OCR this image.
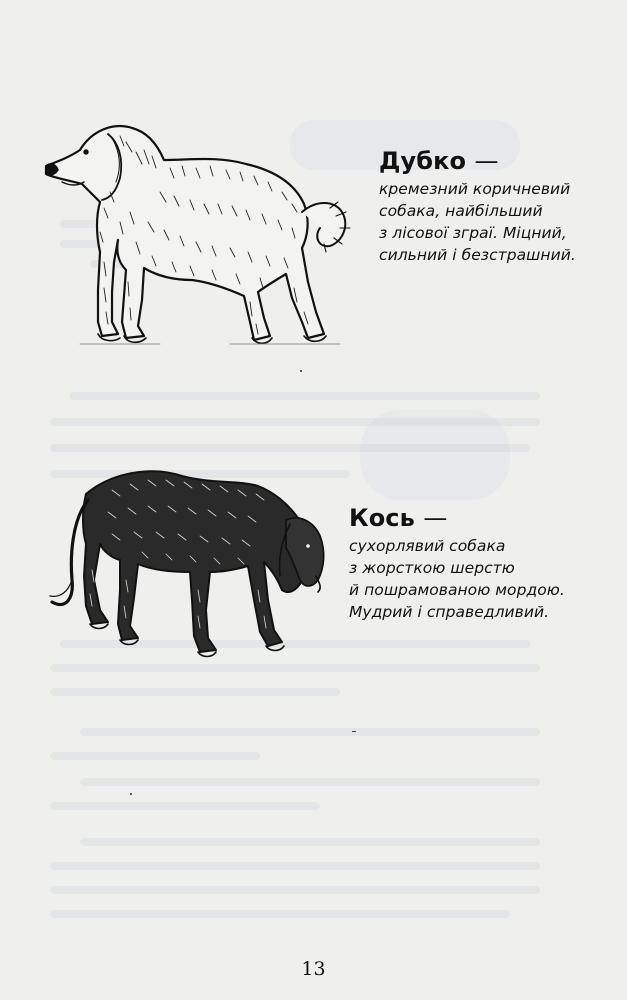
Дубко —

кремезний коричневий
собака, найбільший
з лісової зграї. Міцний,
сильний і безстрашний.

Кось —

сухорлявий собака
з жорсткою шерстю
й пошрамованою мордою.
Мудрий і справедливий.

13
